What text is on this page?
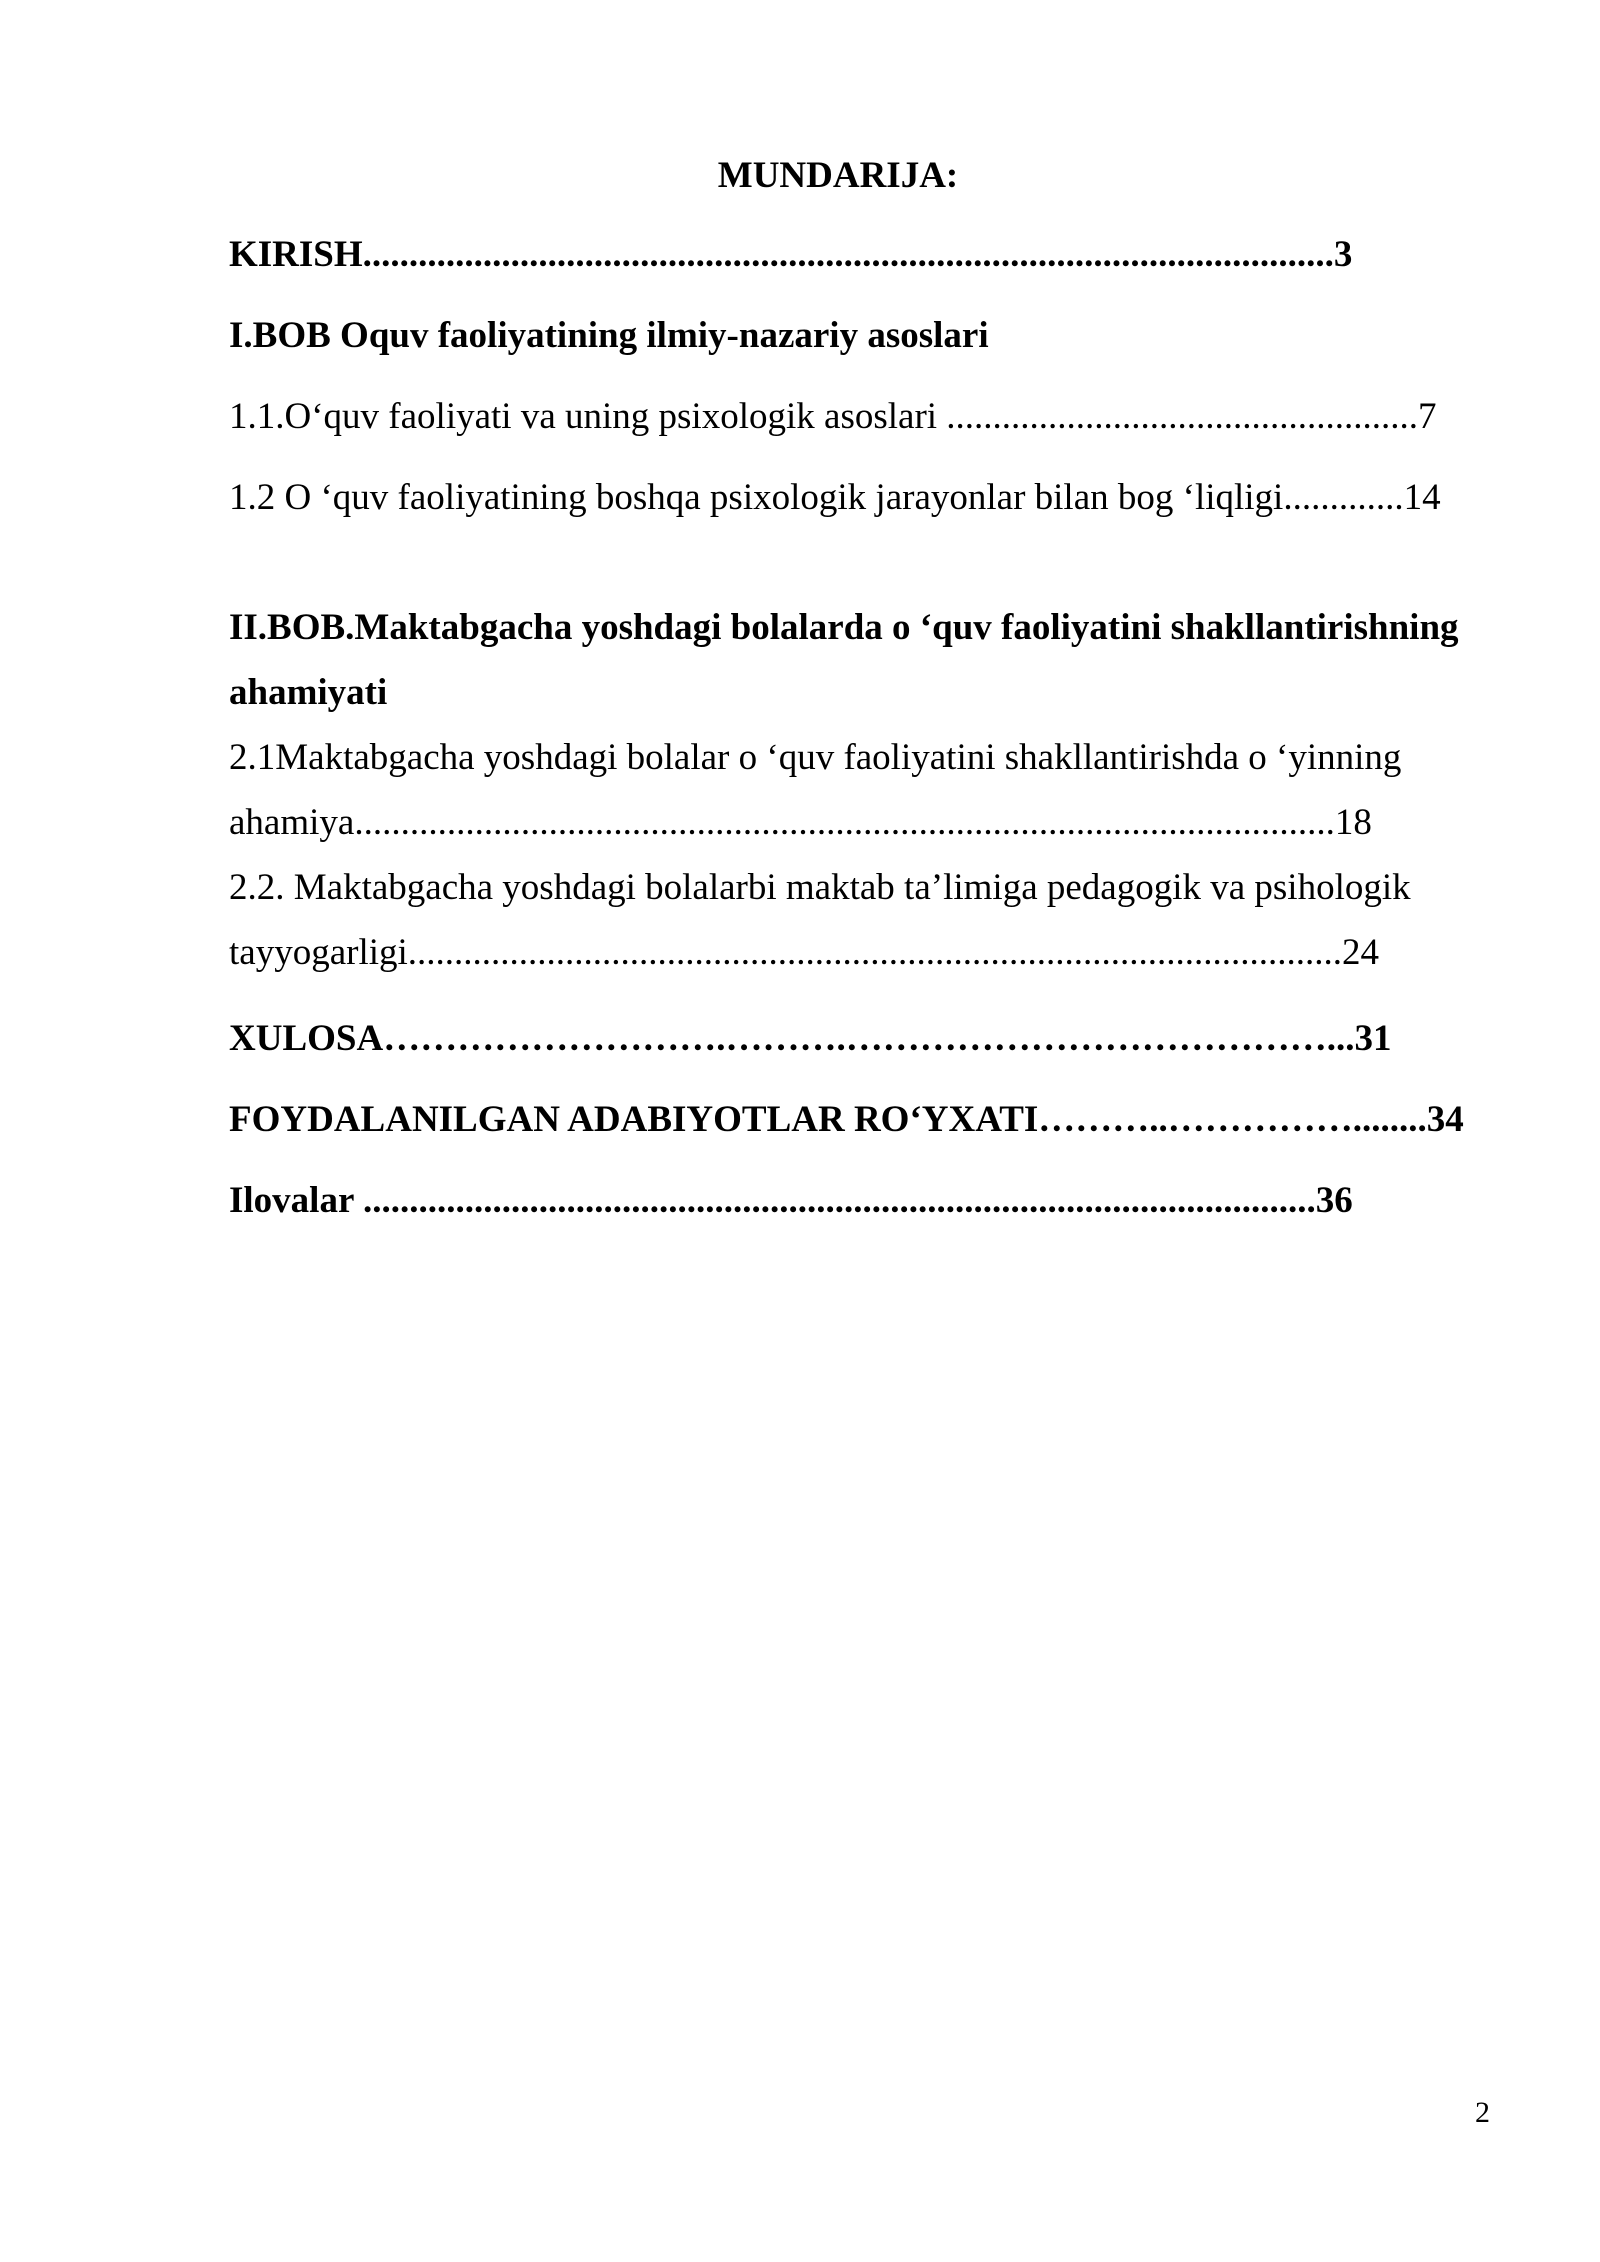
MUNDARIJA:
KIRISH.........................................................................................................3
I.BOB Oquv faoliyatining ilmiy-nazariy asoslari
1.1.O‘quv faoliyati va uning psixologik asoslari ...................................................7
1.2 O ‘quv faoliyatining boshqa psixologik jarayonlar bilan bog ‘liqligi.............14
II.BOB.Maktabgacha yoshdagi bolalarda o ‘quv faoliyatini shakllantirishning
ahamiyati
2.1Maktabgacha yoshdagi bolalar o ‘quv faoliyatini shakllantirishda o ‘yinning
ahamiya..........................................................................................................18
2.2. Maktabgacha yoshdagi bolalarbi maktab ta’limiga pedagogik va psihologik
tayyogarligi.....................................................................................................24
XULOSA……………………….……….…………………………………...31
FOYDALANILGAN ADABIYOTLAR RO‘YXATI………..……………........34
Ilovalar .......................................................................................................36
2
